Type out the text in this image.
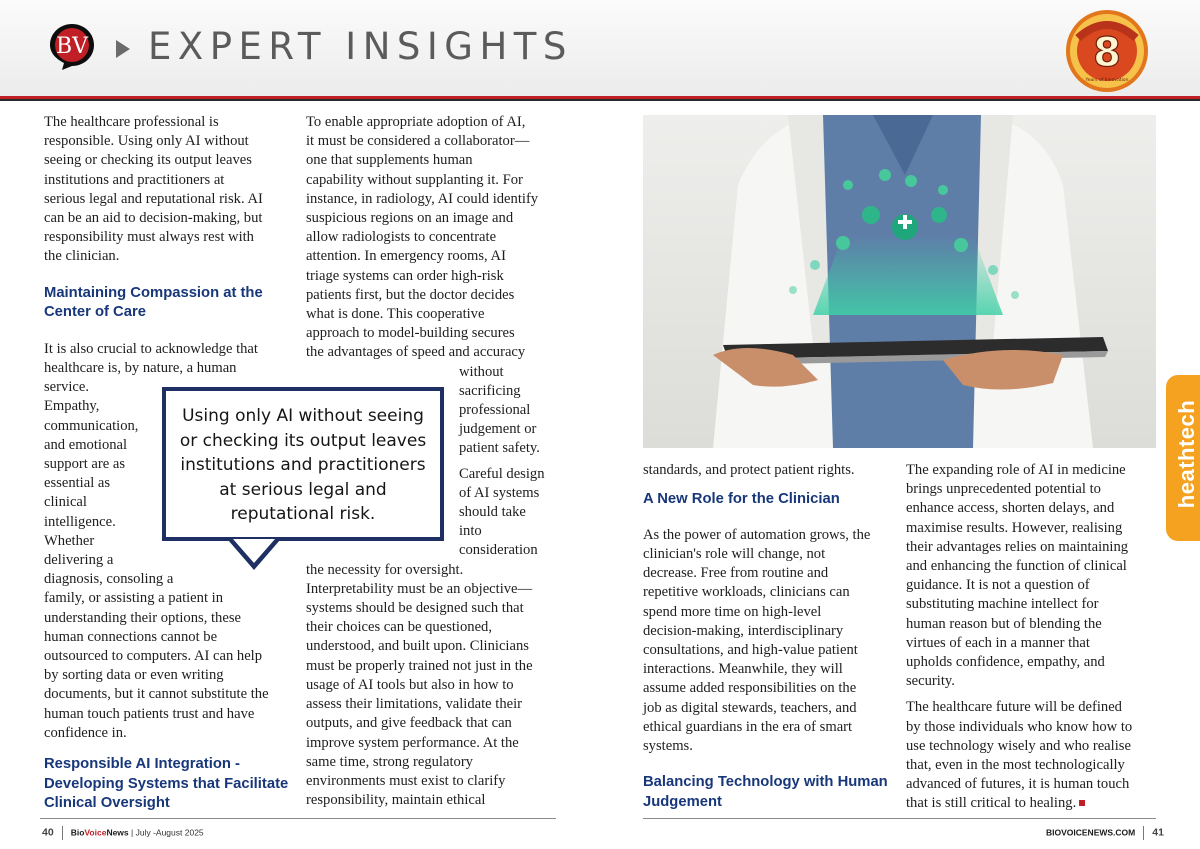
BV EXPERT INSIGHTS	8
Years of Innovation
The healthcare professional is
responsible. Using only AI without
seeing or checking its output leaves
institutions and practitioners at
serious legal and reputational risk. AI
can be an aid to decision-making, but
responsibility must always rest with
the clinician.
Maintaining Compassion at the
Center of Care
It is also crucial to acknowledge that
healthcare is, by nature, a human
service.
Empathy,
communication,
and emotional
support are as
essential as
clinical
intelligence.
Whether
delivering a
diagnosis, consoling a
family, or assisting a patient in
understanding their options, these
human connections cannot be
outsourced to computers. AI can help
by sorting data or even writing
documents, but it cannot substitute the
human touch patients trust and have
confidence in.
Responsible AI Integration -
Developing Systems that Facilitate
Clinical Oversight
To enable appropriate adoption of AI,
it must be considered a collaborator—
one that supplements human
capability without supplanting it. For
instance, in radiology, AI could identify
suspicious regions on an image and
allow radiologists to concentrate
attention. In emergency rooms, AI
triage systems can order high-risk
patients first, but the doctor decides
what is done. This cooperative
approach to model-building secures
the advantages of speed and accuracy
without
sacrificing
professional
judgement or
patient safety.
Careful design
of AI systems
should take
into
consideration
the necessity for oversight.
Interpretability must be an objective—
systems should be designed such that
their choices can be questioned,
understood, and built upon. Clinicians
must be properly trained not just in the
usage of AI tools but also in how to
assess their limitations, validate their
outputs, and give feedback that can
improve system performance. At the
same time, strong regulatory
environments must exist to clarify
responsibility, maintain ethical
Using only AI without seeing or checking its output leaves institutions and practitioners at serious legal and reputational risk.
40 BioVoiceNews | July -August 2025
heathtech
standards, and protect patient rights.
A New Role for the Clinician
As the power of automation grows, the
clinician's role will change, not
decrease. Free from routine and
repetitive workloads, clinicians can
spend more time on high-level
decision-making, interdisciplinary
consultations, and high-value patient
interactions. Meanwhile, they will
assume added responsibilities on the
job as digital stewards, teachers, and
ethical guardians in the era of smart
systems.
Balancing Technology with Human
Judgement
The expanding role of AI in medicine
brings unprecedented potential to
enhance access, shorten delays, and
maximise results. However, realising
their advantages relies on maintaining
and enhancing the function of clinical
guidance. It is not a question of
substituting machine intellect for
human reason but of blending the
virtues of each in a manner that
upholds confidence, empathy, and
security.
The healthcare future will be defined
by those individuals who know how to
use technology wisely and who realise
that, even in the most technologically
advanced of futures, it is human touch
that is still critical to healing.
BIOVOICENEWS.COM 41
